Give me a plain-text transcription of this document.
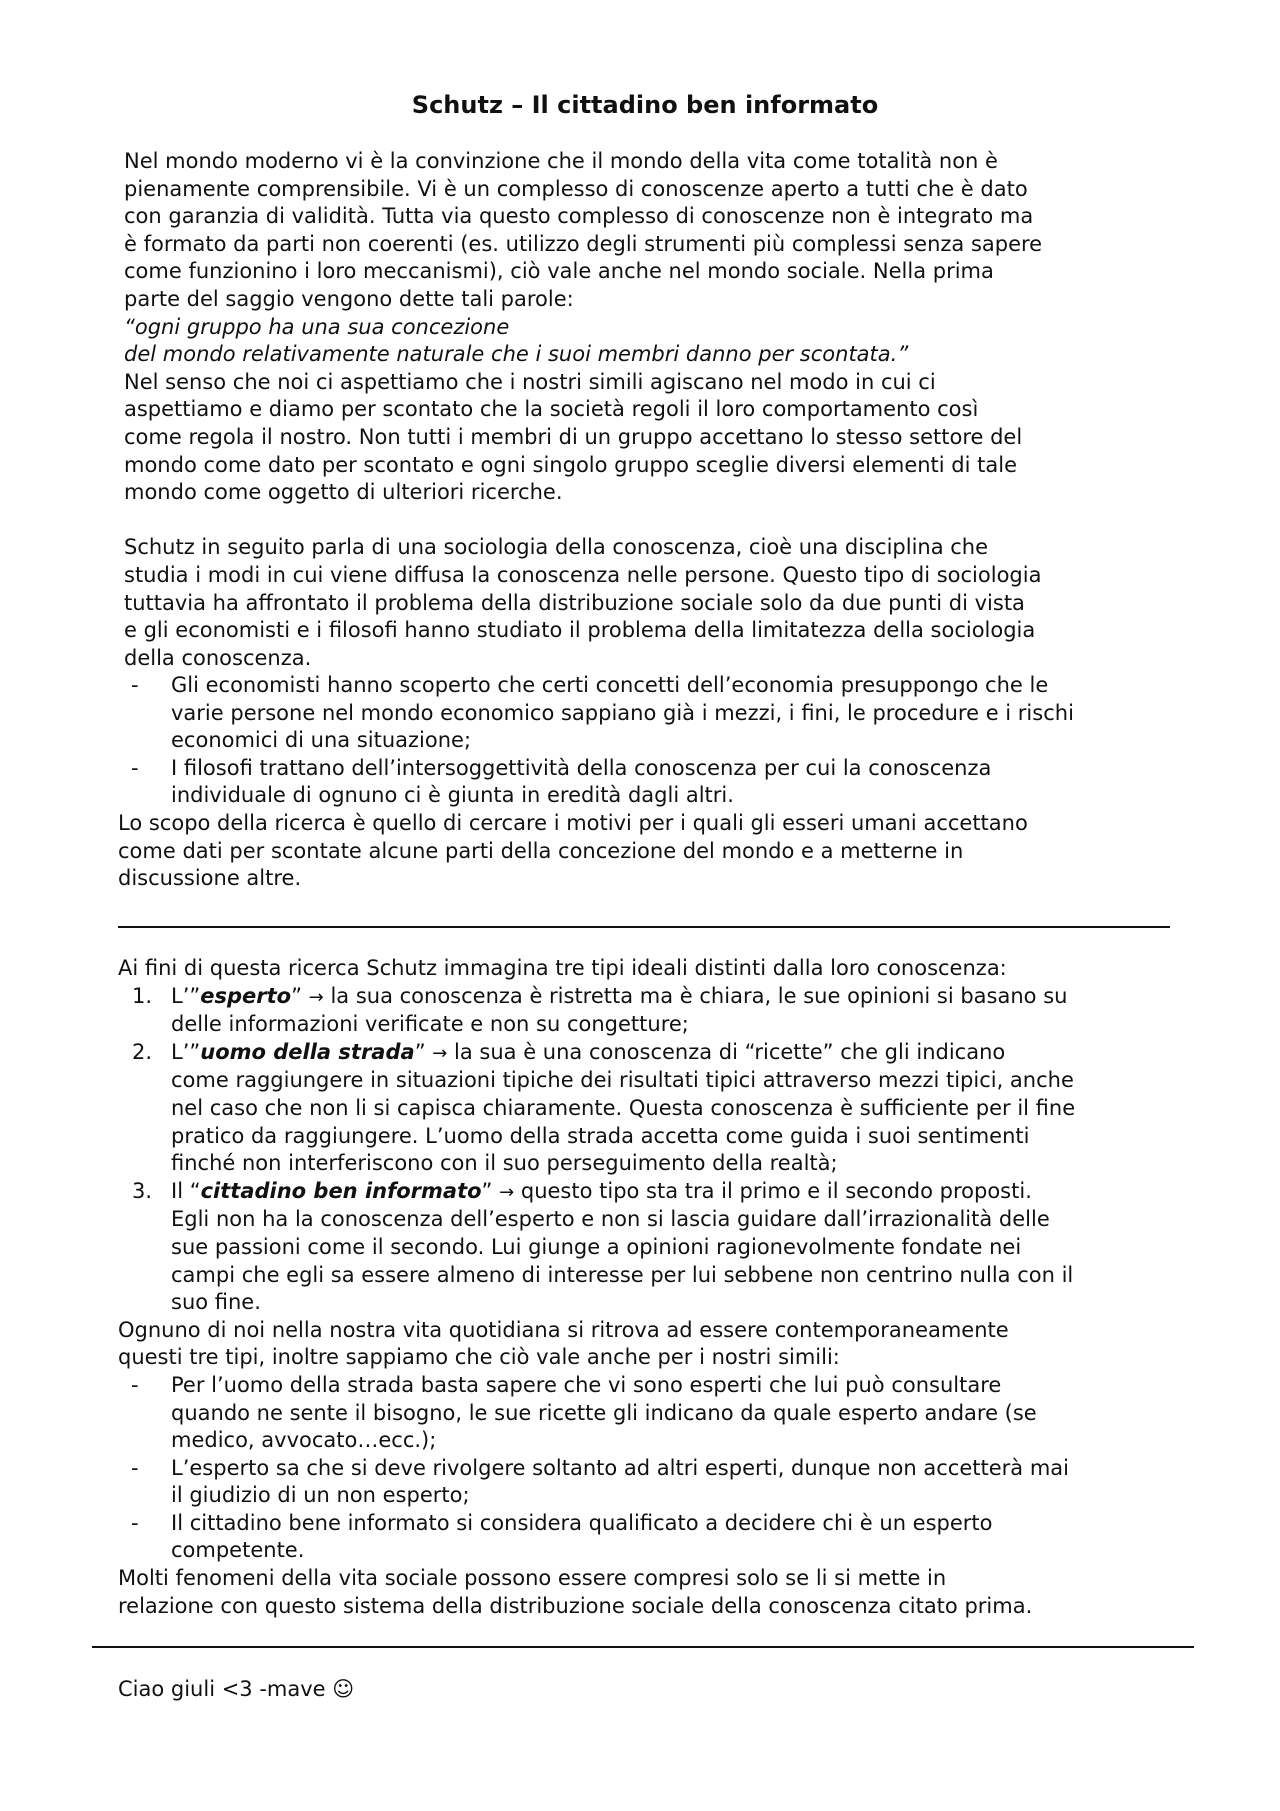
Schutz – Il cittadino ben informato

Nel mondo moderno vi è la convinzione che il mondo della vita come totalità non è
pienamente comprensibile. Vi è un complesso di conoscenze aperto a tutti che è dato
con garanzia di validità. Tutta via questo complesso di conoscenze non è integrato ma
è formato da parti non coerenti (es. utilizzo degli strumenti più complessi senza sapere
come funzionino i loro meccanismi), ciò vale anche nel mondo sociale. Nella prima
parte del saggio vengono dette tali parole:

“ogni gruppo ha una sua concezione
del mondo relativamente naturale che i suoi membri danno per scontata.”

Nel senso che noi ci aspettiamo che i nostri simili agiscano nel modo in cui ci
aspettiamo e diamo per scontato che la società regoli il loro comportamento così
come regola il nostro. Non tutti i membri di un gruppo accettano lo stesso settore del
mondo come dato per scontato e ogni singolo gruppo sceglie diversi elementi di tale
mondo come oggetto di ulteriori ricerche.

Schutz in seguito parla di una sociologia della conoscenza, cioè una disciplina che
studia i modi in cui viene diffusa la conoscenza nelle persone. Questo tipo di sociologia
tuttavia ha affrontato il problema della distribuzione sociale solo da due punti di vista
e gli economisti e i filosofi hanno studiato il problema della limitatezza della sociologia
della conoscenza.

- Gli economisti hanno scoperto che certi concetti dell’economia presuppongo che le
varie persone nel mondo economico sappiano già i mezzi, i fini, le procedure e i rischi
economici di una situazione;
- I filosofi trattano dell’intersoggettività della conoscenza per cui la conoscenza
individuale di ognuno ci è giunta in eredità dagli altri.

Lo scopo della ricerca è quello di cercare i motivi per i quali gli esseri umani accettano
come dati per scontate alcune parti della concezione del mondo e a metterne in
discussione altre.

Ai fini di questa ricerca Schutz immagina tre tipi ideali distinti dalla loro conoscenza:

1. L’”esperto” → la sua conoscenza è ristretta ma è chiara, le sue opinioni si basano su
delle informazioni verificate e non su congetture;
2. L’”uomo della strada” → la sua è una conoscenza di “ricette” che gli indicano
come raggiungere in situazioni tipiche dei risultati tipici attraverso mezzi tipici, anche
nel caso che non li si capisca chiaramente. Questa conoscenza è sufficiente per il fine
pratico da raggiungere. L’uomo della strada accetta come guida i suoi sentimenti
finché non interferiscono con il suo perseguimento della realtà;
3. Il “cittadino ben informato” → questo tipo sta tra il primo e il secondo proposti.
Egli non ha la conoscenza dell’esperto e non si lascia guidare dall’irrazionalità delle
sue passioni come il secondo. Lui giunge a opinioni ragionevolmente fondate nei
campi che egli sa essere almeno di interesse per lui sebbene non centrino nulla con il
suo fine.

Ognuno di noi nella nostra vita quotidiana si ritrova ad essere contemporaneamente
questi tre tipi, inoltre sappiamo che ciò vale anche per i nostri simili:

- Per l’uomo della strada basta sapere che vi sono esperti che lui può consultare
quando ne sente il bisogno, le sue ricette gli indicano da quale esperto andare (se
medico, avvocato…ecc.);
- L’esperto sa che si deve rivolgere soltanto ad altri esperti, dunque non accetterà mai
il giudizio di un non esperto;
- Il cittadino bene informato si considera qualificato a decidere chi è un esperto
competente.

Molti fenomeni della vita sociale possono essere compresi solo se li si mette in
relazione con questo sistema della distribuzione sociale della conoscenza citato prima.

Ciao giuli <3 -mave ☺
